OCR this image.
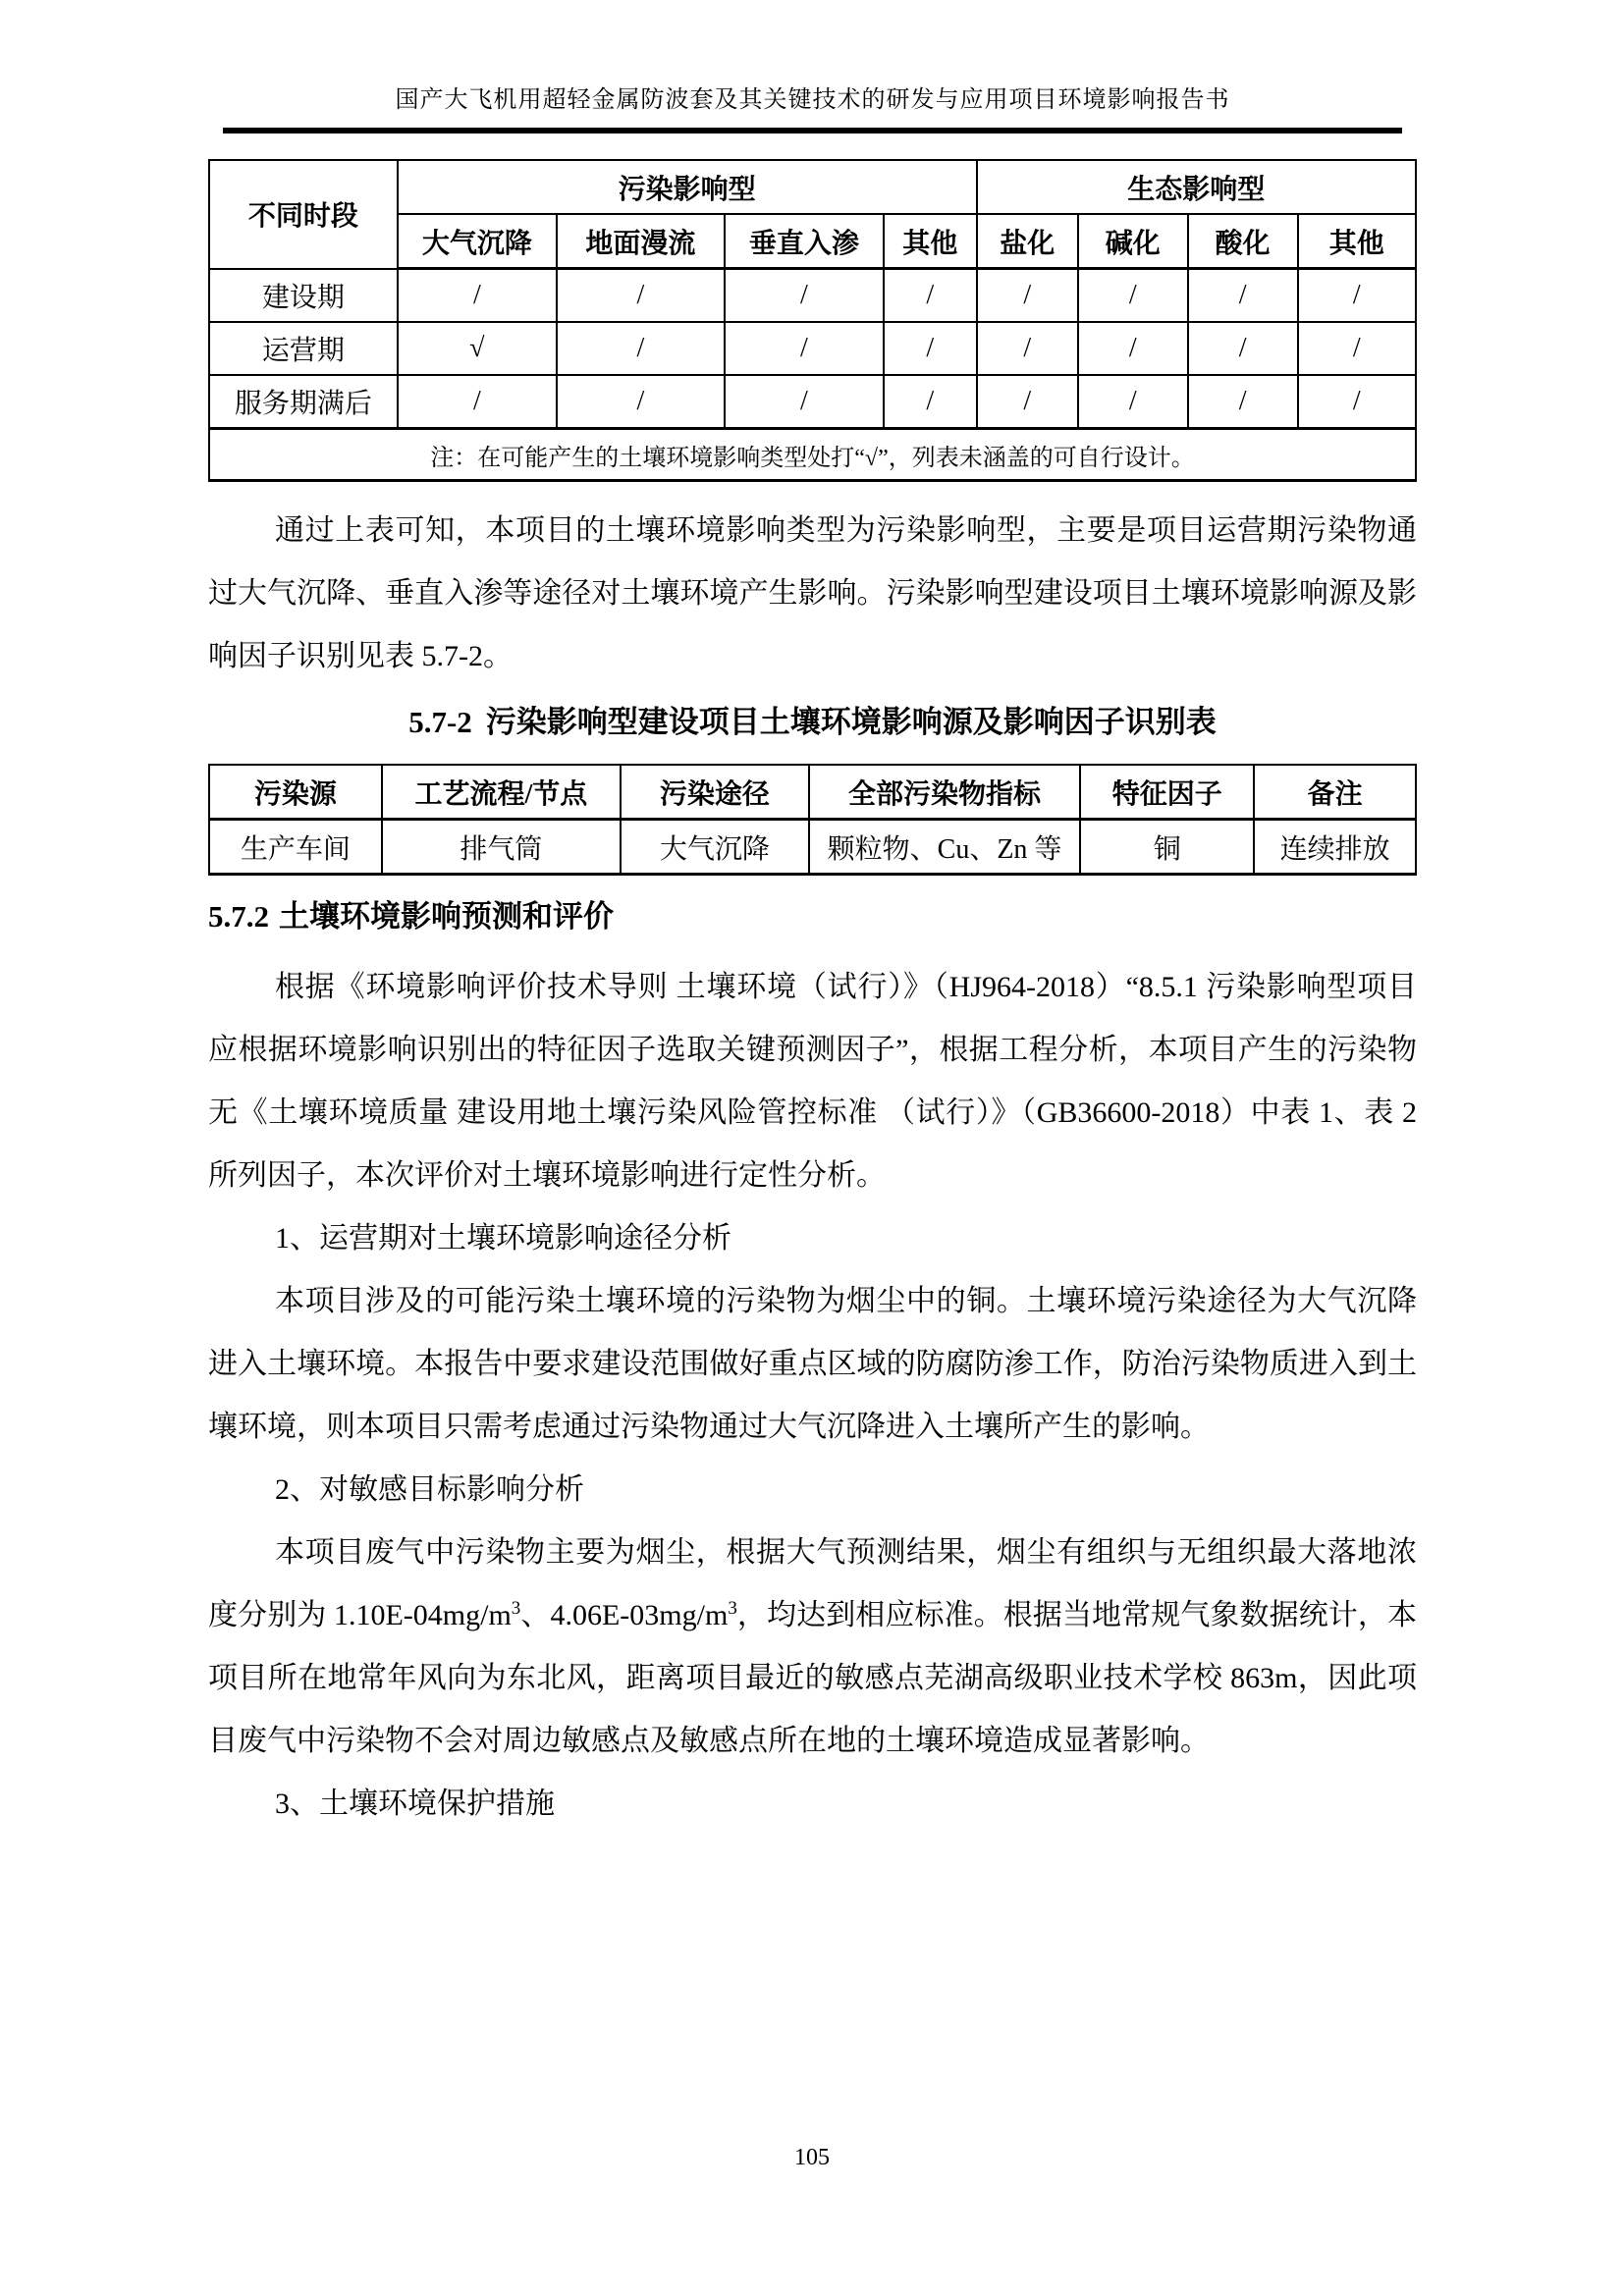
国产大飞机用超轻金属防波套及其关键技术的研发与应用项目环境影响报告书
不同时段	污染影响型				生态影响型			
	大气沉降	地面漫流	垂直入渗	其他	盐化	碱化	酸化	其他
建设期	/	/	/	/	/	/	/	/
运营期	√	/	/	/	/	/	/	/
服务期满后	/	/	/	/	/	/	/	/
注：在可能产生的土壤环境影响类型处打“√”，列表未涵盖的可自行设计。								

通过上表可知，本项目的土壤环境影响类型为污染影响型，主要是项目运营期污染物通过大气沉降、垂直入渗等途径对土壤环境产生影响。污染影响型建设项目土壤环境影响源及影响因子识别见表 5.7-2。

5.7-2 污染影响型建设项目土壤环境影响源及影响因子识别表
污染源	工艺流程/节点	污染途径	全部污染物指标	特征因子	备注
生产车间	排气筒	大气沉降	颗粒物、Cu、Zn 等	铜	连续排放
5.7.2 土壤环境影响预测和评价

根据《环境影响评价技术导则 土壤环境（试行）》（HJ964-2018）“8.5.1 污染影响型项目应根据环境影响识别出的特征因子选取关键预测因子”，根据工程分析，本项目产生的污染物无《土壤环境质量 建设用地土壤污染风险管控标准 （试行）》（GB36600-2018）中表 1、表 2 所列因子，本次评价对土壤环境影响进行定性分析。

1、运营期对土壤环境影响途径分析

本项目涉及的可能污染土壤环境的污染物为烟尘中的铜。土壤环境污染途径为大气沉降进入土壤环境。本报告中要求建设范围做好重点区域的防腐防渗工作，防治污染物质进入到土壤环境，则本项目只需考虑通过污染物通过大气沉降进入土壤所产生的影响。

2、对敏感目标影响分析

本项目废气中污染物主要为烟尘，根据大气预测结果，烟尘有组织与无组织最大落地浓度分别为 $1.10E-04mg/m^3$、$4.06E-03mg/m^3$，均达到相应标准。根据当地常规气象数据统计，本项目所在地常年风向为东北风，距离项目最近的敏感点芜湖高级职业技术学校 863m，因此项目废气中污染物不会对周边敏感点及敏感点所在地的土壤环境造成显著影响。

3、土壤环境保护措施

105
